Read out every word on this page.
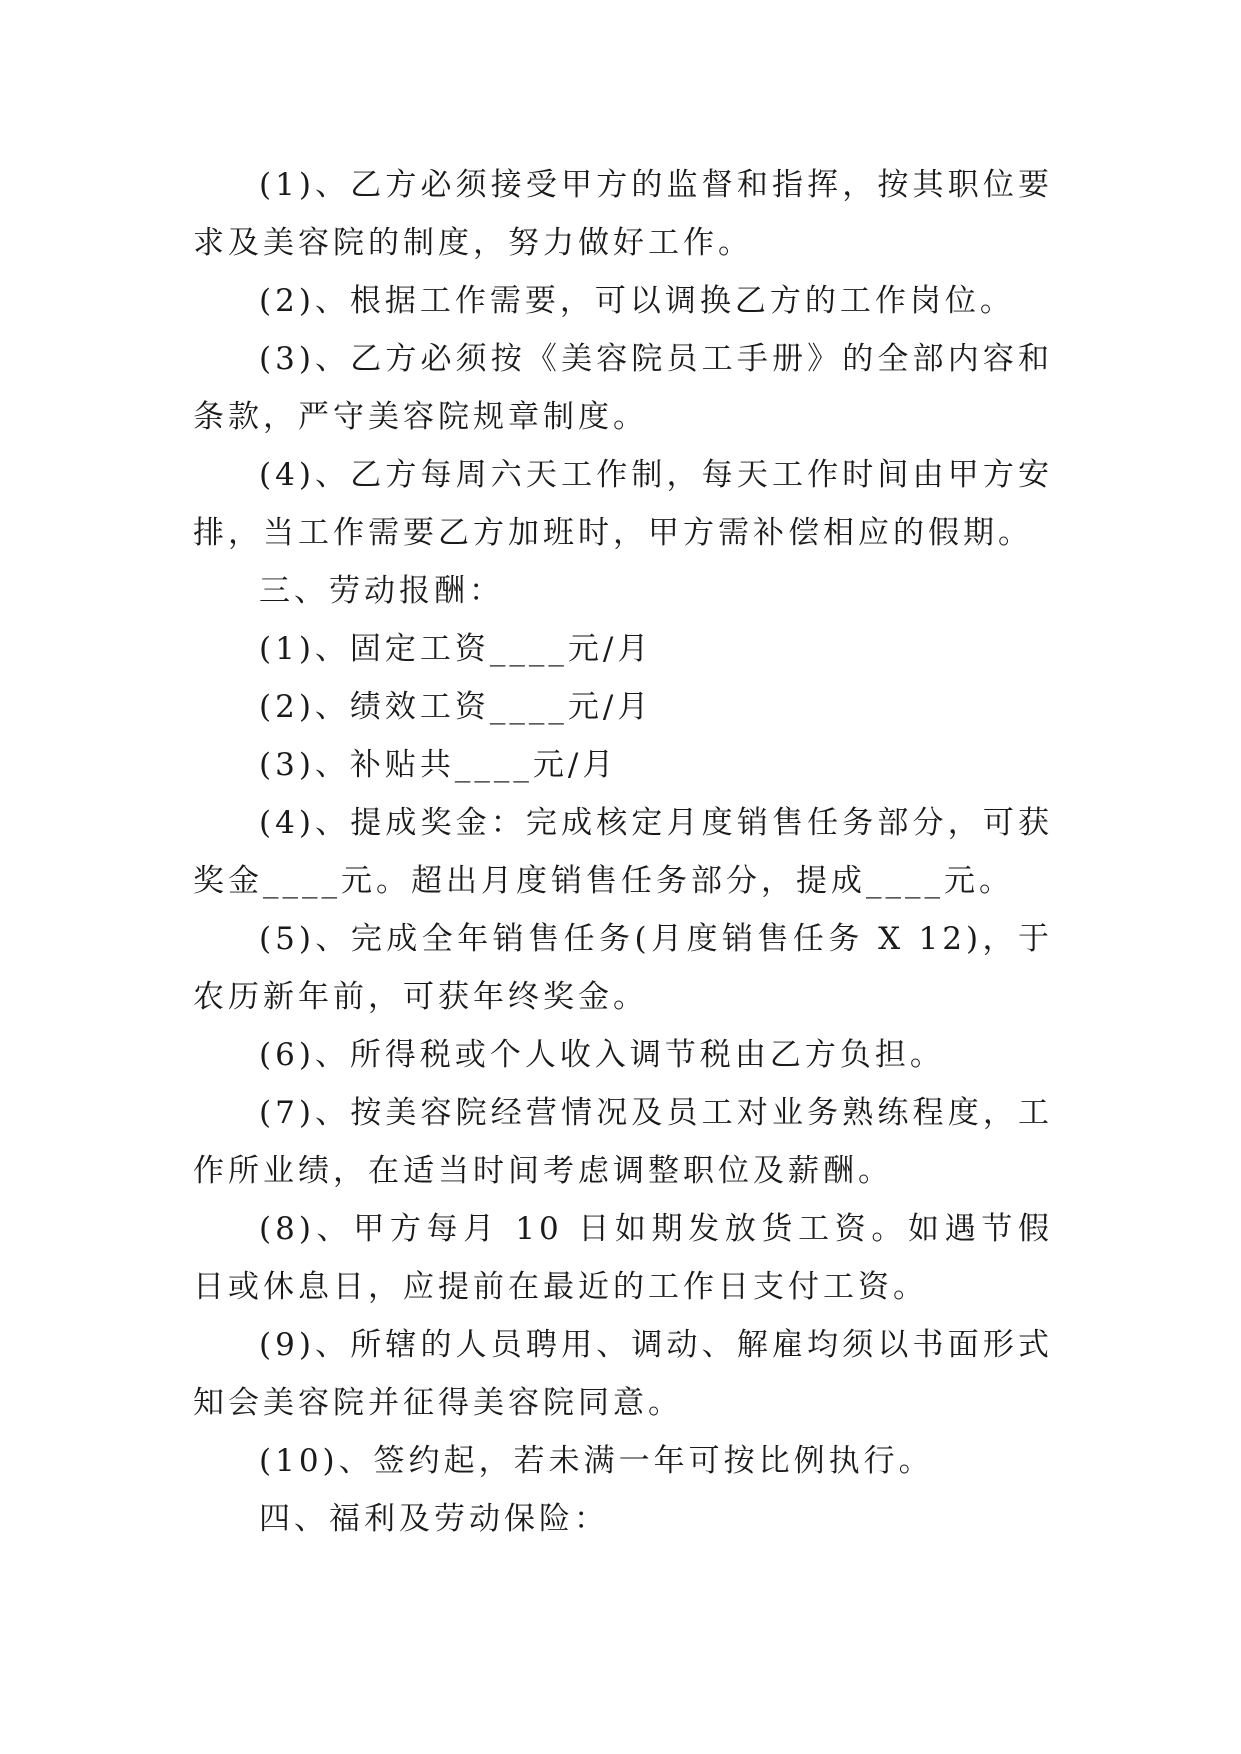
(1)、乙方必须接受甲方的监督和指挥，按其职位要求及美容院的制度，努力做好工作。

(2)、根据工作需要，可以调换乙方的工作岗位。

(3)、乙方必须按《美容院员工手册》的全部内容和条款，严守美容院规章制度。

(4)、乙方每周六天工作制，每天工作时间由甲方安排，当工作需要乙方加班时，甲方需补偿相应的假期。

三、劳动报酬：

(1)、固定工资____元/月

(2)、绩效工资____元/月

(3)、补贴共____元/月

(4)、提成奖金：完成核定月度销售任务部分，可获奖金____元。超出月度销售任务部分，提成____元。

(5)、完成全年销售任务(月度销售任务 X 12)，于农历新年前，可获年终奖金。

(6)、所得税或个人收入调节税由乙方负担。

(7)、按美容院经营情况及员工对业务熟练程度，工作所业绩，在适当时间考虑调整职位及薪酬。

(8)、甲方每月 10 日如期发放货工资。如遇节假日或休息日，应提前在最近的工作日支付工资。

(9)、所辖的人员聘用、调动、解雇均须以书面形式知会美容院并征得美容院同意。

(10)、签约起，若未满一年可按比例执行。

四、福利及劳动保险：
